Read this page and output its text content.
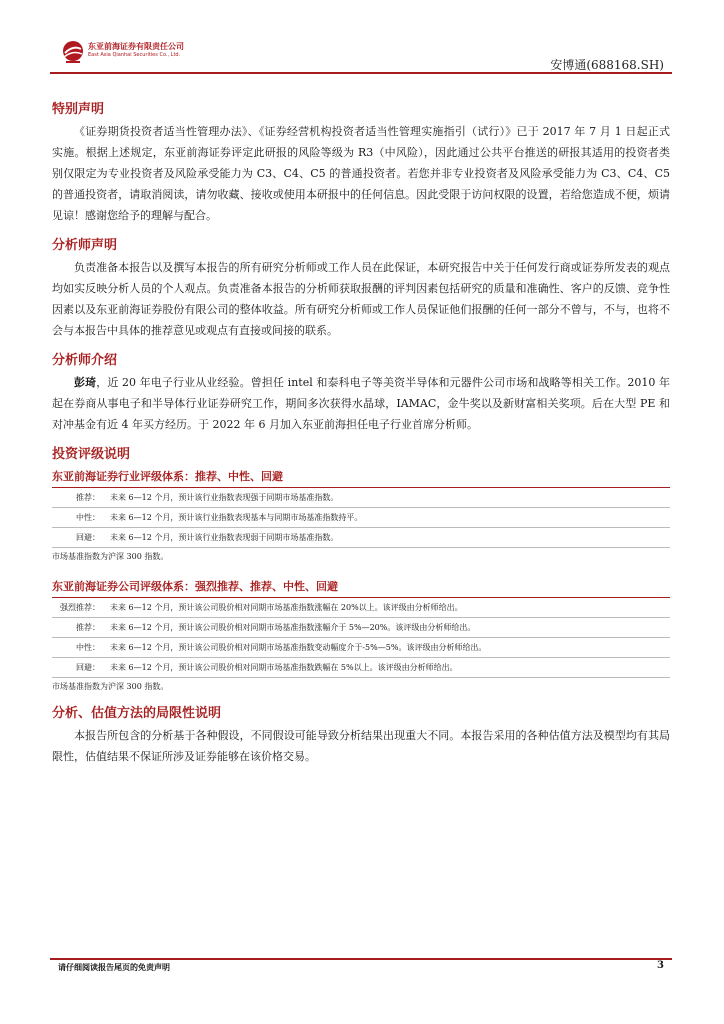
东亚前海证券有限责任公司
East Asia Qianhai Securities Co., Ltd.
安博通(688168.SH)
特别声明

《证券期货投资者适当性管理办法》、《证券经营机构投资者适当性管理实施指引（试行）》已于 2017 年 7 月 1 日起正式实施。根据上述规定，东亚前海证券评定此研报的风险等级为 R3（中风险），因此通过公共平台推送的研报其适用的投资者类别仅限定为专业投资者及风险承受能力为 C3、C4、C5 的普通投资者。若您并非专业投资者及风险承受能力为 C3、C4、C5 的普通投资者，请取消阅读，请勿收藏、接收或使用本研报中的任何信息。因此受限于访问权限的设置，若给您造成不便，烦请见谅！感谢您给予的理解与配合。

分析师声明

负责准备本报告以及撰写本报告的所有研究分析师或工作人员在此保证，本研究报告中关于任何发行商或证券所发表的观点均如实反映分析人员的个人观点。负责准备本报告的分析师获取报酬的评判因素包括研究的质量和准确性、客户的反馈、竞争性因素以及东亚前海证券股份有限公司的整体收益。所有研究分析师或工作人员保证他们报酬的任何一部分不曾与，不与，也将不会与本报告中具体的推荐意见或观点有直接或间接的联系。

分析师介绍

彭琦，近 20 年电子行业从业经验。曾担任 intel 和泰科电子等美资半导体和元器件公司市场和战略等相关工作。2010 年起在券商从事电子和半导体行业证券研究工作，期间多次获得水晶球，IAMAC，金牛奖以及新财富相关奖项。后在大型 PE 和对冲基金有近 4 年买方经历。于 2022 年 6 月加入东亚前海担任电子行业首席分析师。

投资评级说明
东亚前海证券行业评级体系：推荐、中性、回避
推荐：	未来 6—12 个月，预计该行业指数表现强于同期市场基准指数。
中性：	未来 6—12 个月，预计该行业指数表现基本与同期市场基准指数持平。
回避：	未来 6—12 个月，预计该行业指数表现弱于同期市场基准指数。
市场基准指数为沪深 300 指数。
东亚前海证券公司评级体系：强烈推荐、推荐、中性、回避
强烈推荐：	未来 6—12 个月，预计该公司股价相对同期市场基准指数涨幅在 20%以上。该评级由分析师给出。
推荐：	未来 6—12 个月，预计该公司股价相对同期市场基准指数涨幅介于 5%—20%。该评级由分析师给出。
中性：	未来 6—12 个月，预计该公司股价相对同期市场基准指数变动幅度介于-5%—5%。该评级由分析师给出。
回避：	未来 6—12 个月，预计该公司股价相对同期市场基准指数跌幅在 5%以上。该评级由分析师给出。
市场基准指数为沪深 300 指数。
分析、估值方法的局限性说明

本报告所包含的分析基于各种假设，不同假设可能导致分析结果出现重大不同。本报告采用的各种估值方法及模型均有其局限性，估值结果不保证所涉及证券能够在该价格交易。

请仔细阅读报告尾页的免责声明	3
